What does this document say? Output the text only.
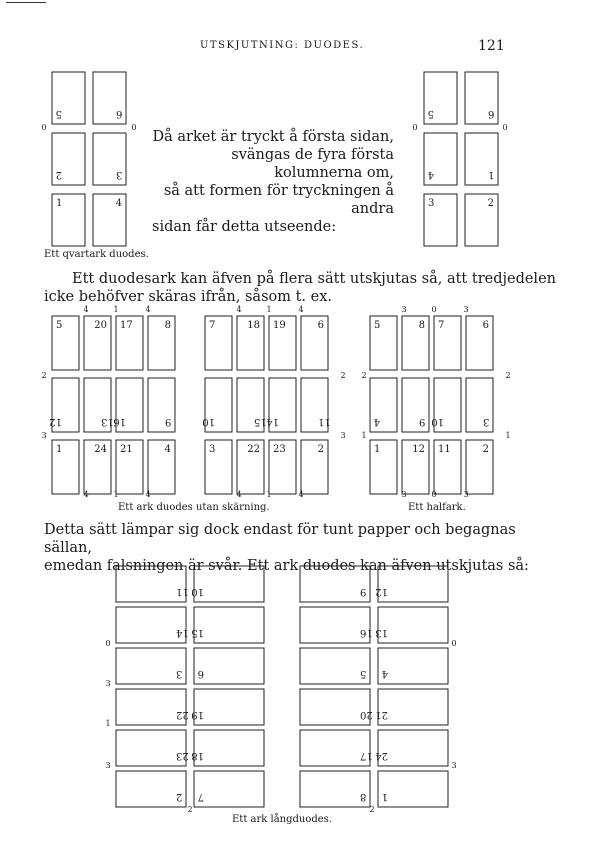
UTSKJUTNING: DUODES.	121
Då arket är tryckt å första sidan,
svängas de fyra första kolumnerna om,
så att formen för tryckningen å andra
sidan får detta utseende:
Ett qvartark duodes.
Ett duodesark kan äfven på flera sätt utskjutas så, att tredjedelen
icke behöfver skäras ifrån, såsom t. ex.
Ett ark duodes utan skärning.	Ett halfark.
Detta sätt lämpar sig dock endast för tunt papper och begagnas sällan,
emedan falsningen är svår. Ett ark duodes kan äfven utskjutas så:
Ett ark långduodes.
5	6
2	3
1	4
5	6
4	1
3	2
0	0	0	0
5	20 17	8
12	13 16	9
1	24 21	4
4
4
1
1
4
4
2
3
7	18 19	6
10	15 14	11
3	22 23	2
4
4
1
1
4
4
2
3
5	8 7	6
4	9 10	3
1	12 11	2
3
3
0
0
3
3
2
1
2
1
11 10
14 15
3 6
22 19
23 18
2 7
9 12
16 13
5 4
20 21
17 24
8 1
0
3
1
3
0
3
2	2
